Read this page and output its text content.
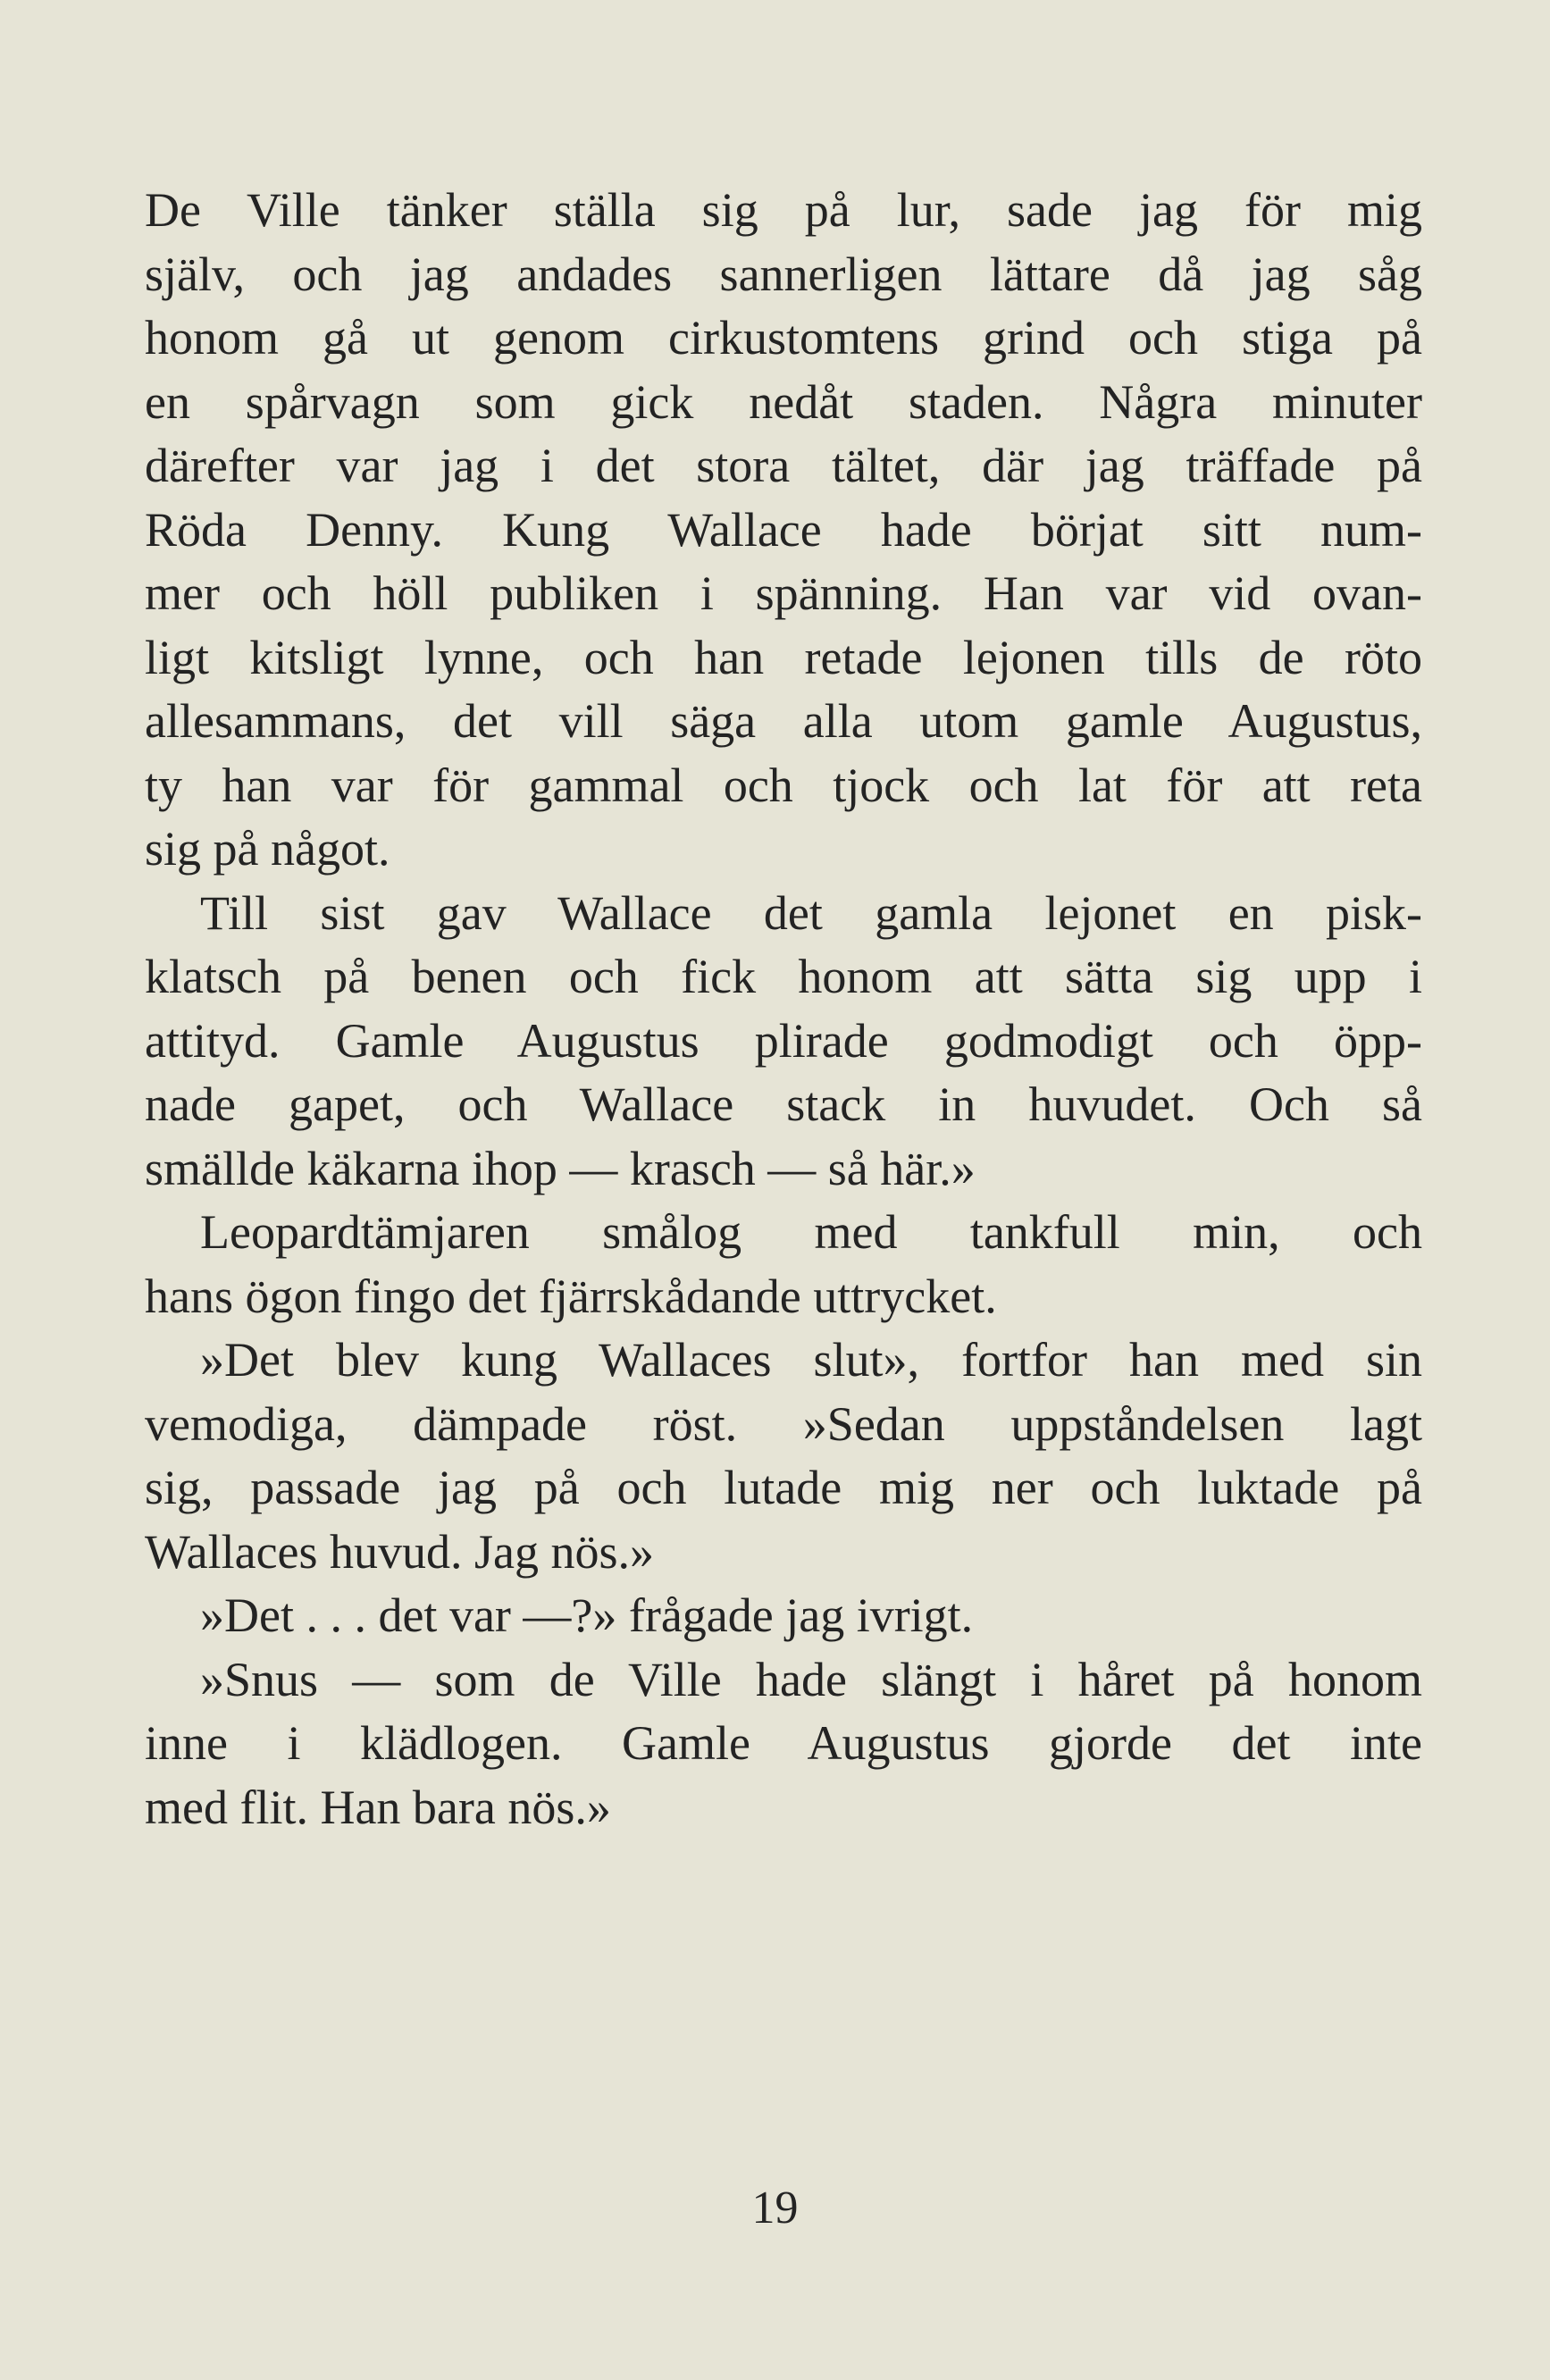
De Ville tänker ställa sig på lur, sade jag för mig
själv, och jag andades sannerligen lättare då jag såg
honom gå ut genom cirkustomtens grind och stiga på
en spårvagn som gick nedåt staden. Några minuter
därefter var jag i det stora tältet, där jag träffade på
Röda Denny. Kung Wallace hade börjat sitt num-
mer och höll publiken i spänning. Han var vid ovan-
ligt kitsligt lynne, och han retade lejonen tills de röto
allesammans, det vill säga alla utom gamle Augustus,
ty han var för gammal och tjock och lat för att reta
sig på något.
Till sist gav Wallace det gamla lejonet en pisk-
klatsch på benen och fick honom att sätta sig upp i
attityd. Gamle Augustus plirade godmodigt och öpp-
nade gapet, och Wallace stack in huvudet. Och så
smällde käkarna ihop — krasch — så här.»
Leopardtämjaren smålog med tankfull min, och
hans ögon fingo det fjärrskådande uttrycket.
»Det blev kung Wallaces slut», fortfor han med sin
vemodiga, dämpade röst. »Sedan uppståndelsen lagt
sig, passade jag på och lutade mig ner och luktade på
Wallaces huvud. Jag nös.»
»Det . . . det var —?» frågade jag ivrigt.
»Snus — som de Ville hade slängt i håret på honom
inne i klädlogen. Gamle Augustus gjorde det inte
med flit. Han bara nös.»
19
